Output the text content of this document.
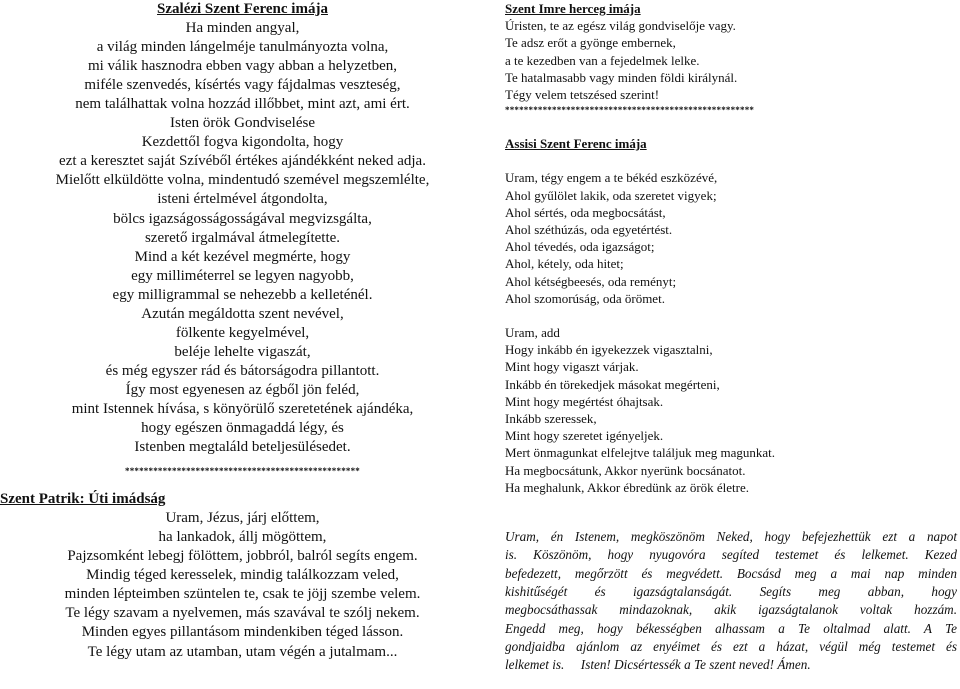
Szalézi Szent Ferenc imája
Ha minden angyal,
a világ minden lángelméje tanulmányozta volna,
mi válik hasznodra ebben vagy abban a helyzetben,
miféle szenvedés, kísértés vagy fájdalmas veszteség,
nem találhattak volna hozzád illőbbet, mint azt, ami ért.
Isten örök Gondviselése
Kezdettől fogva kigondolta, hogy
ezt a keresztet saját Szívéből értékes ajándékként neked adja.
Mielőtt elküldötte volna, mindentudó szemével megszemlélte,
isteni értelmével átgondolta,
bölcs igazságosságosságával megvizsgálta,
szerető irgalmával átmelegítette.
Mind a két kezével megmérte, hogy
egy milliméterrel se legyen nagyobb,
egy milligrammal se nehezebb a kelleténél.
Azután megáldotta szent nevével,
fölkente kegyelmével,
beléje lehelte vigaszát,
és még egyszer rád és bátorságodra pillantott.
Így most egyenesen az égből jön feléd,
mint Istennek hívása, s könyörülő szeretetének ajándéka,
hogy egészen önmagaddá légy, és
Istenben megtaláld beteljesülésedet.
**************************************************
Szent Patrik: Úti imádság
Uram, Jézus, járj előttem,
ha lankadok, állj mögöttem,
Pajzsomként lebegj fölöttem, jobbról, balról segíts engem.
Mindig téged keresselek, mindig találkozzam veled,
minden lépteimben szüntelen te, csak te jöjj szembe velem.
Te légy szavam a nyelvemen, más szavával te szólj nekem.
Minden egyes pillantásom mindenkiben téged lásson.
Te légy utam az utamban, utam végén a jutalmam...
Szent Imre herceg imája
Úristen, te az egész világ gondviselője vagy.
Te adsz erőt a gyönge embernek,
a te kezedben van a fejedelmek lelke.
Te hatalmasabb vagy minden földi királynál.
Tégy velem tetszésed szerint!
*****************************************************
Assisi Szent Ferenc imája
Uram, tégy engem a te békéd eszközévé,
Ahol gyűlölet lakik, oda szeretet vigyek;
Ahol sértés, oda megbocsátást,
Ahol széthúzás, oda egyetértést.
Ahol tévedés, oda igazságot;
Ahol, kétely, oda hitet;
Ahol kétségbeesés, oda reményt;
Ahol szomorúság, oda örömet.
Uram, add
Hogy inkább én igyekezzek vigasztalni,
Mint hogy vigaszt várjak.
Inkább én törekedjek másokat megérteni,
Mint hogy megértést óhajtsak.
Inkább szeressek,
Mint hogy szeretet igényeljek.
Mert önmagunkat elfelejtve találjuk meg magunkat.
Ha megbocsátunk, Akkor nyerünk bocsánatot.
Ha meghalunk, Akkor ébredünk az örök életre.
Uram, én Istenem, megköszönöm Neked, hogy befejezhettük ezt a napot
is. Köszönöm, hogy nyugovóra segíted testemet és lelkemet. Kezed
befedezett, megőrzött és megvédett. Bocsásd meg a mai nap minden
kishitűségét és igazságtalanságát. Segíts meg abban, hogy
megbocsáthassak mindazoknak, akik igazságtalanok voltak hozzám.
Engedd meg, hogy békességben alhassam a Te oltalmad alatt. A Te
gondjaidba ajánlom az enyéimet és ezt a házat, végül még testemet és
lelkemet is.     Isten! Dicsértessék a Te szent neved! Ámen.
